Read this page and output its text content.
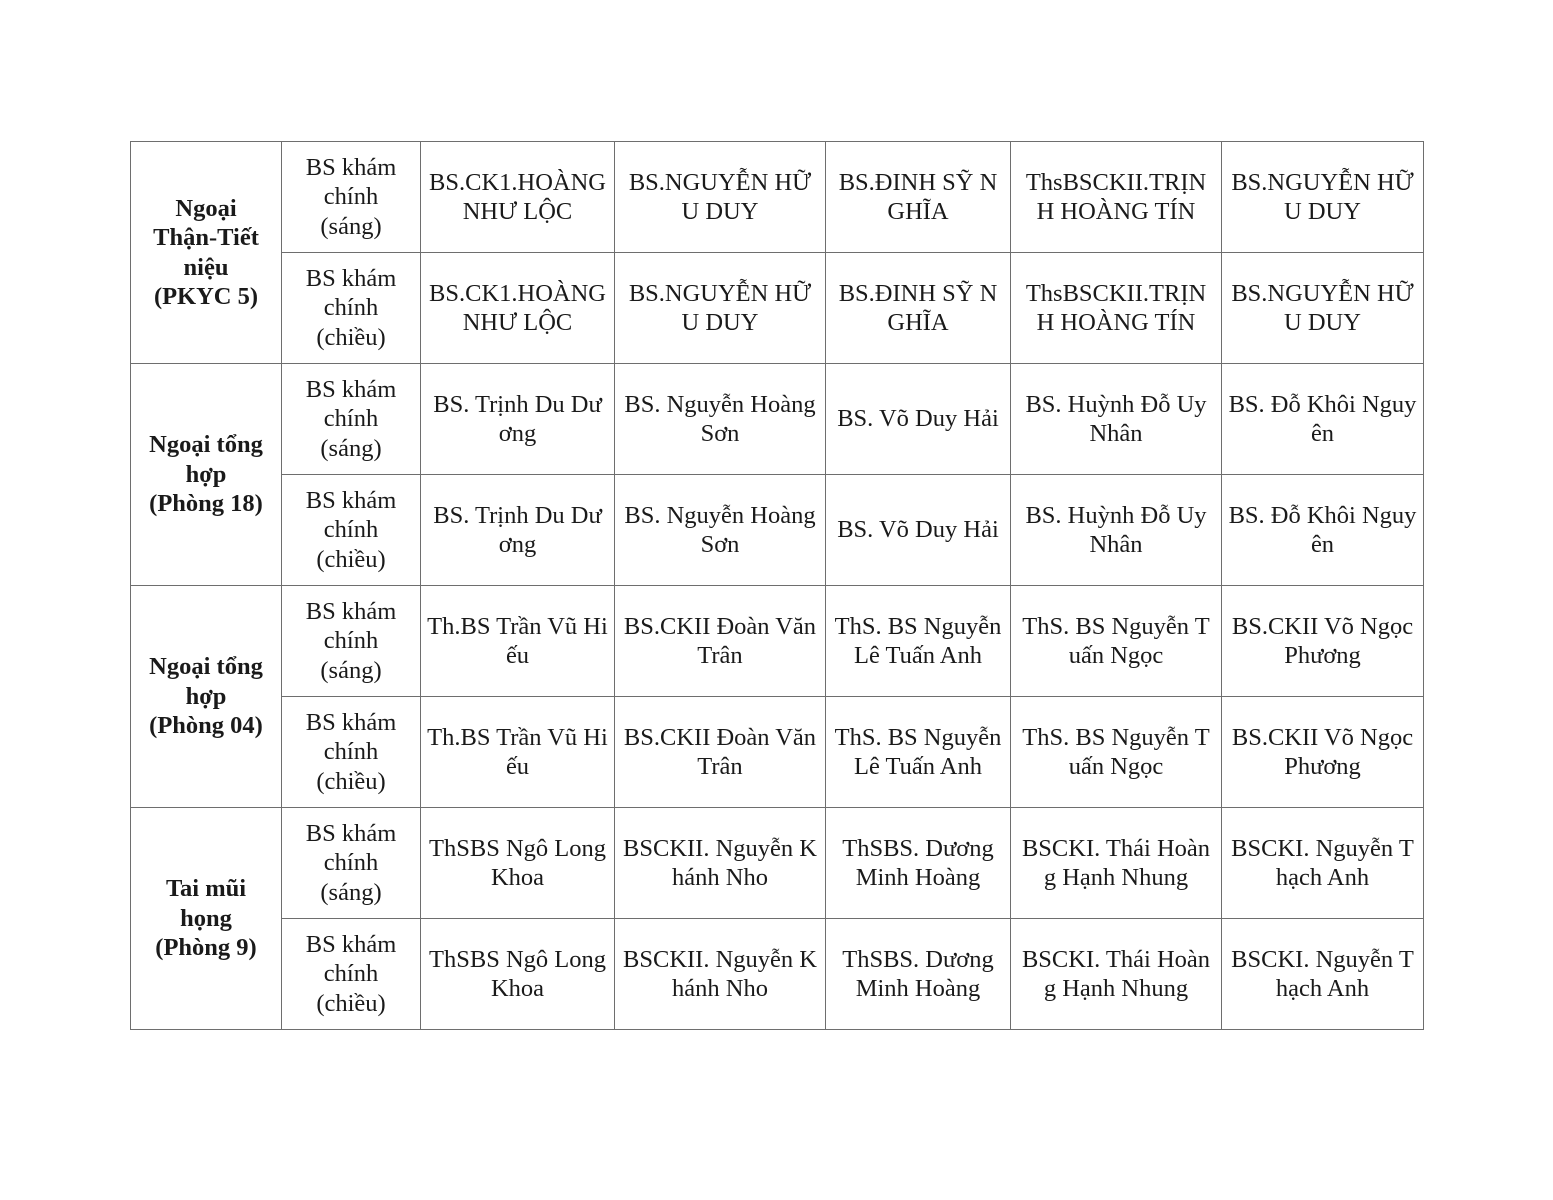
Ngoại
Thận-Tiết
niệu
(PKYC 5)	BS khám
chính
(sáng)	BS.CK1.HOÀNG NHƯ LỘC	BS.NGUYỄN HỮU DUY	BS.ĐINH SỸ NGHĨA	ThsBSCKII.TRỊNH HOÀNG TÍN	BS.NGUYỄN HỮU DUY

	BS khám
chính
(chiều)	BS.CK1.HOÀNG NHƯ LỘC	BS.NGUYỄN HỮU DUY	BS.ĐINH SỸ NGHĨA	ThsBSCKII.TRỊNH HOÀNG TÍN	BS.NGUYỄN HỮU DUY

Ngoại tổng
hợp
(Phòng 18)	BS khám
chính
(sáng)	BS. Trịnh Du Dương	BS. Nguyễn Hoàng Sơn	BS. Võ Duy Hải	BS. Huỳnh Đỗ Uy Nhân	BS. Đỗ Khôi Nguyên

	BS khám
chính
(chiều)	BS. Trịnh Du Dương	BS. Nguyễn Hoàng Sơn	BS. Võ Duy Hải	BS. Huỳnh Đỗ Uy Nhân	BS. Đỗ Khôi Nguyên

Ngoại tổng
hợp
(Phòng 04)	BS khám
chính
(sáng)	Th.BS Trần Vũ Hiếu	BS.CKII Đoàn Văn Trân	ThS. BS Nguyễn Lê Tuấn Anh	ThS. BS Nguyễn Tuấn Ngọc	BS.CKII Võ Ngọc Phương

	BS khám
chính
(chiều)	Th.BS Trần Vũ Hiếu	BS.CKII Đoàn Văn Trân	ThS. BS Nguyễn Lê Tuấn Anh	ThS. BS Nguyễn Tuấn Ngọc	BS.CKII Võ Ngọc Phương

Tai mũi
họng
(Phòng 9)	BS khám
chính
(sáng)	ThSBS Ngô Long Khoa	BSCKII. Nguyễn Khánh Nho	ThSBS. Dương Minh Hoàng	BSCKI. Thái Hoàng Hạnh Nhung	BSCKI. Nguyễn Thạch Anh

	BS khám
chính
(chiều)	ThSBS Ngô Long Khoa	BSCKII. Nguyễn Khánh Nho	ThSBS. Dương Minh Hoàng	BSCKI. Thái Hoàng Hạnh Nhung	BSCKI. Nguyễn Thạch Anh
